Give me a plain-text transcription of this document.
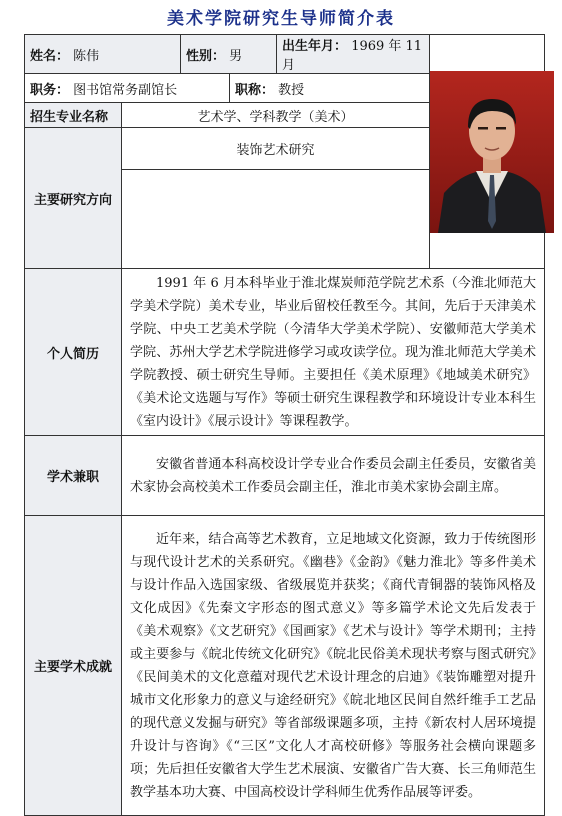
美术学院研究生导师简介表
姓名： 陈伟		性别： 男		出生年月： 1969 年 11 月	

职务： 图书馆常务副馆长			职称： 教授		
招生专业名称	艺术学、学科教学（美术）				
主要研究方向	装饰艺术研究				

个人简历	1991 年 6 月本科毕业于淮北煤炭师范学院艺术系（今淮北师范大学美术学院）美术专业，毕业后留校任教至今。其间，先后于天津美术学院、中央工艺美术学院（今清华大学美术学院）、安徽师范大学美术学院、苏州大学艺术学院进修学习或攻读学位。现为淮北师范大学美术学院教授、硕士研究生导师。主要担任《美术原理》《地域美术研究》《美术论文选题与写作》等硕士研究生课程教学和环境设计专业本科生《室内设计》《展示设计》等课程教学。				
学术兼职	安徽省普通本科高校设计学专业合作委员会副主任委员，安徽省美术家协会高校美术工作委员会副主任，淮北市美术家协会副主席。				
主要学术成就	近年来，结合高等艺术教育，立足地域文化资源，致力于传统图形与现代设计艺术的关系研究。《幽巷》《金韵》《魅力淮北》等多件美术与设计作品入选国家级、省级展览并获奖；《商代青铜器的装饰风格及文化成因》《先秦文字形态的图式意义》等多篇学术论文先后发表于《美术观察》《文艺研究》《国画家》《艺术与设计》等学术期刊；主持或主要参与《皖北传统文化研究》《皖北民俗美术现状考察与图式研究》《民间美术的文化意蕴对现代艺术设计理念的启迪》《装饰雕塑对提升城市文化形象力的意义与途经研究》《皖北地区民间自然纤维手工艺品的现代意义发掘与研究》等省部级课题多项，主持《新农村人居环境提升设计与咨询》《“三区”文化人才高校研修》等服务社会横向课题多项；先后担任安徽省大学生艺术展演、安徽省广告大赛、长三角师范生教学基本功大赛、中国高校设计学科师生优秀作品展等评委。				
